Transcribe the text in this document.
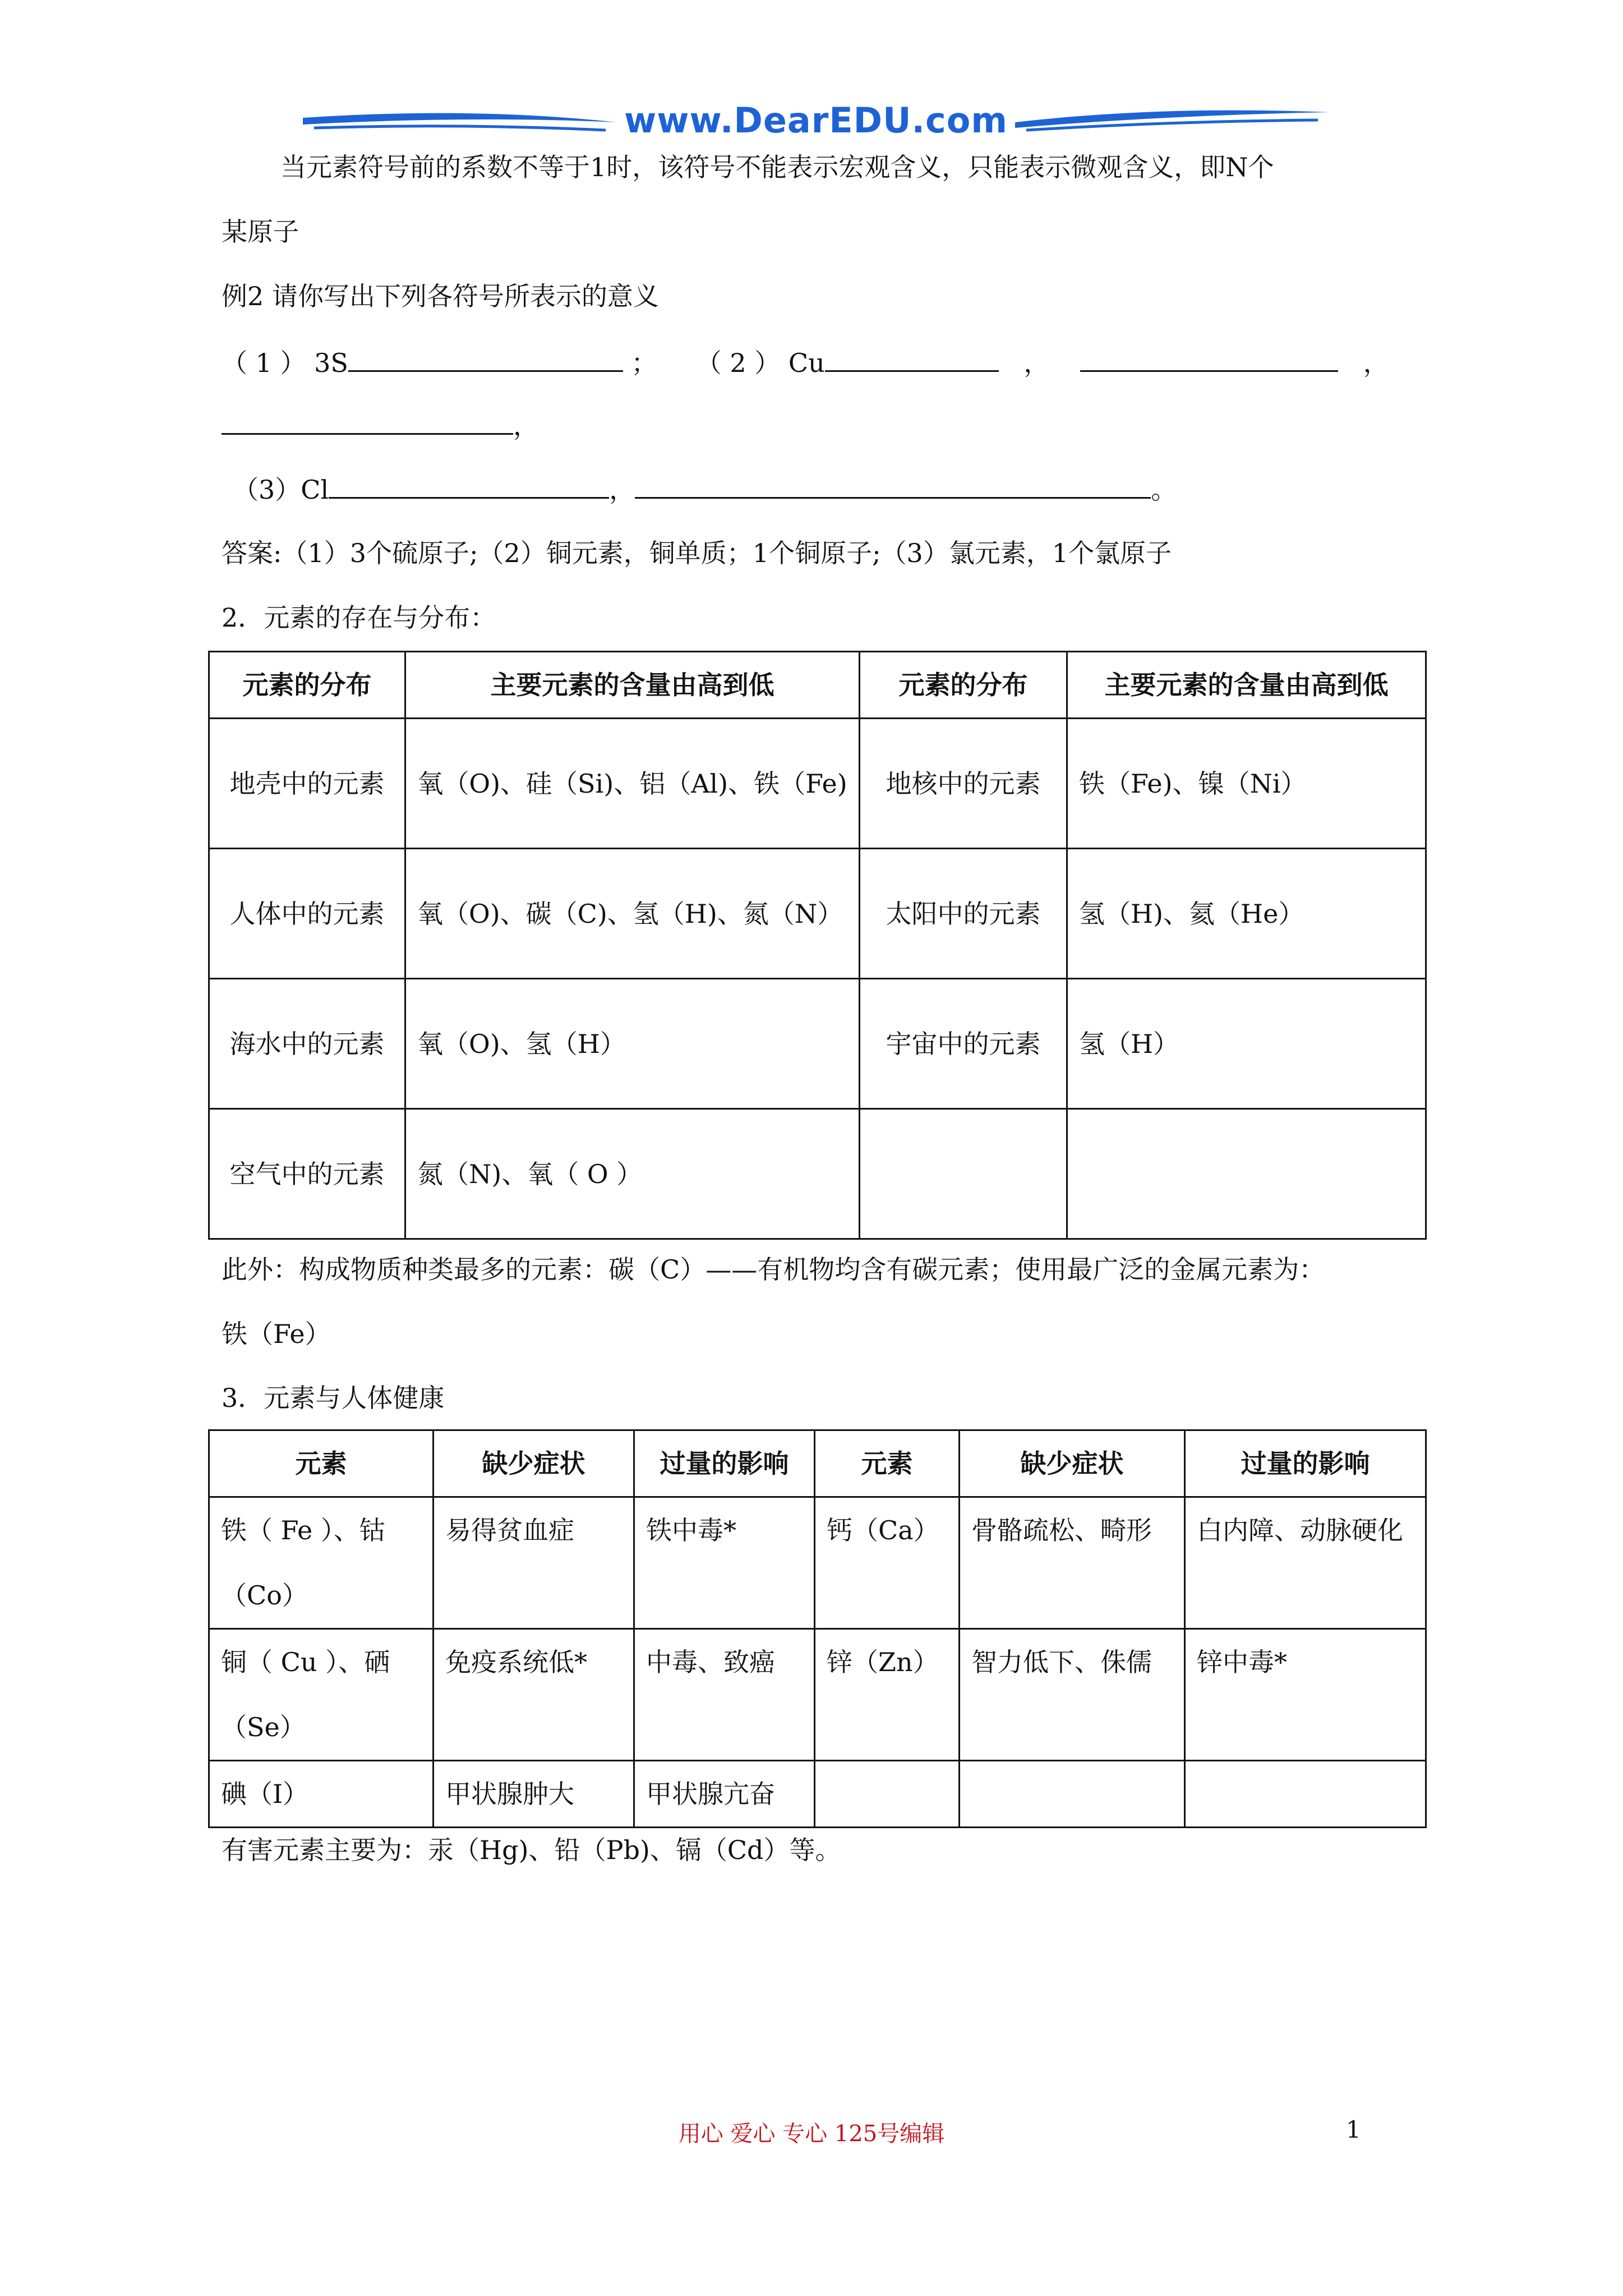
www.DearEDU.com
当元素符号前的系数不等于1时，该符号不能表示宏观含义，只能表示微观含义，即N个
某原子
例2 请你写出下列各符号所表示的意义
（ 1 ） 3S	； （ 2 ） Cu	，	，
，
（3）Cl	，	。
答案:（1）3个硫原子;（2）铜元素，铜单质；1个铜原子;（3）氯元素，1个氯原子
2．元素的存在与分布：
元素的分布	主要元素的含量由高到低	元素的分布	主要元素的含量由高到低
地壳中的元素	氧（O)、硅（Si)、铝（Al)、铁（Fe)	地核中的元素	铁（Fe)、镍（Ni）
人体中的元素	氧（O)、碳（C)、氢（H)、氮（N）	太阳中的元素	氢（H)、氦（He）
海水中的元素	氧（O)、氢（H）	宇宙中的元素	氢（H）
空气中的元素	氮（N)、氧（ O ）		
此外：构成物质种类最多的元素：碳（C）——有机物均含有碳元素；使用最广泛的金属元素为：
铁（Fe）
3．元素与人体健康
元素	缺少症状	过量的影响	元素	缺少症状	过量的影响
铁（ Fe ）、钴（Co）	易得贫血症	铁中毒*	钙（Ca）	骨骼疏松、畸形	白内障、动脉硬化
铜（ Cu ）、硒（Se）	免疫系统低*	中毒、致癌	锌（Zn）	智力低下、侏儒	锌中毒*
碘（I）	甲状腺肿大	甲状腺亢奋			
有害元素主要为：汞（Hg)、铅（Pb)、镉（Cd）等。
用心 爱心 专心 125号编辑	1
